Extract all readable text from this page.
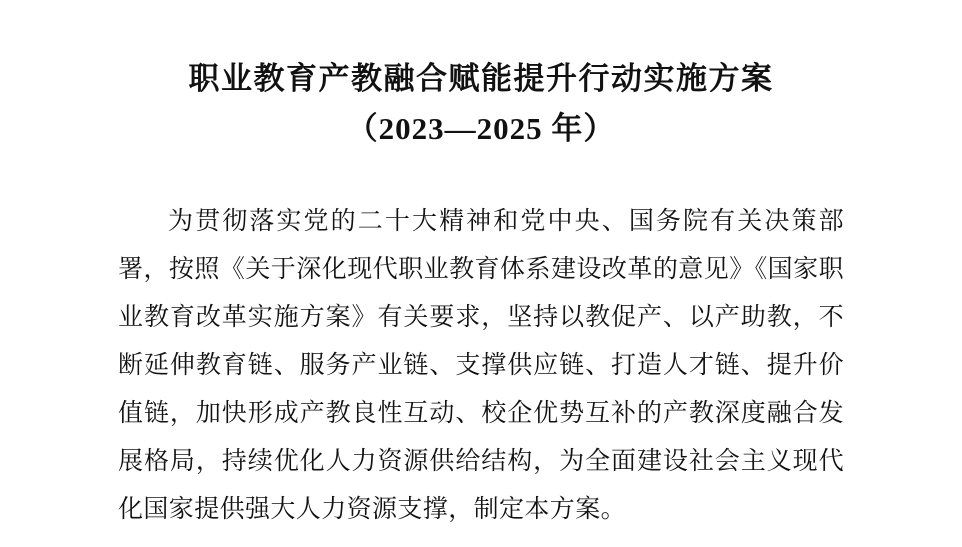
职业教育产教融合赋能提升行动实施方案
（2023—2025 年）

为贯彻落实党的二十大精神和党中央、国务院有关决策部署，按照《关于深化现代职业教育体系建设改革的意见》《国家职业教育改革实施方案》有关要求，坚持以教促产、以产助教，不断延伸教育链、服务产业链、支撑供应链、打造人才链、提升价值链，加快形成产教良性互动、校企优势互补的产教深度融合发展格局，持续优化人力资源供给结构，为全面建设社会主义现代化国家提供强大人力资源支撑，制定本方案。
